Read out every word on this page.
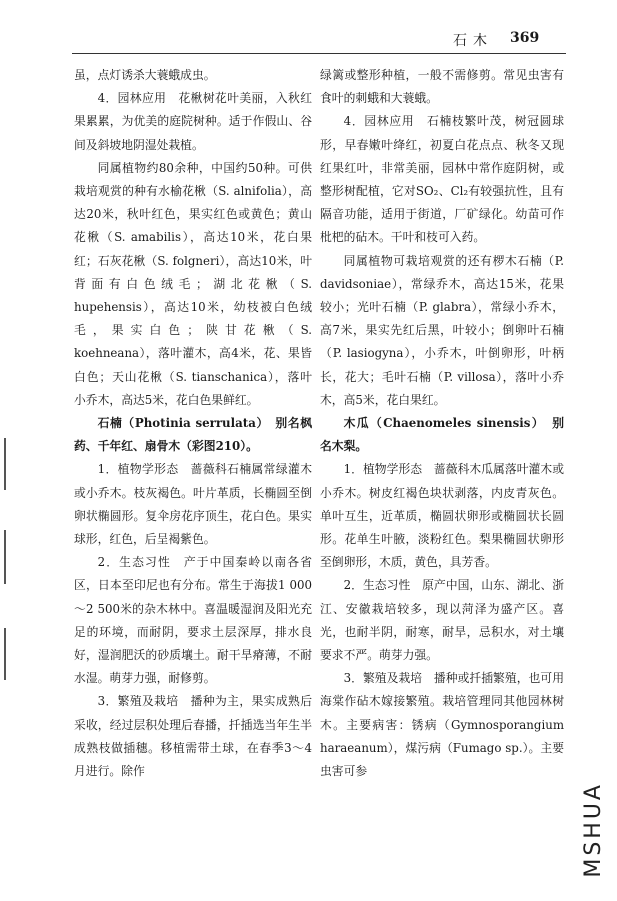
石木 369

虽，点灯诱杀大蓑蛾成虫。

4．园林应用　花楸树花叶美丽，入秋红果累累，为优美的庭院树种。适于作假山、谷间及斜坡地阴湿处栽植。

同属植物约80余种，中国约50种。可供栽培观赏的种有水榆花楸（S. alnifolia），高达20米，秋叶红色，果实红色或黄色；黄山花楸（S. amabilis），高达10米，花白果红；石灰花楸（S. folgneri），高达10米，叶背面有白色绒毛；湖北花楸（S. hupehensis），高达10米，幼枝被白色绒毛，果实白色；陕甘花楸（S. koehneana），落叶灌木，高4米，花、果皆白色；天山花楸（S. tianschanica），落叶小乔木，高达5米，花白色果鲜红。

石楠（Photinia serrulata）　别名枫药、千年红、扇骨木（彩图210）。

1．植物学形态　蔷薇科石楠属常绿灌木或小乔木。枝灰褐色。叶片革质，长椭圆至倒卵状椭圆形。复伞房花序顶生，花白色。果实球形，红色，后呈褐紫色。

2．生态习性　产于中国秦岭以南各省区，日本至印尼也有分布。常生于海拔1 000～2 500米的杂木林中。喜温暖湿润及阳光充足的环境，而耐阴，要求土层深厚，排水良好，湿润肥沃的砂质壤土。耐干旱瘠薄，不耐水湿。萌芽力强，耐修剪。

3．繁殖及栽培　播种为主，果实成熟后采收，经过层积处理后春播，扦插选当年生半成熟枝做插穗。移植需带土球，在春季3～4月进行。除作

绿篱或整形种植，一般不需修剪。常见虫害有食叶的刺蛾和大蓑蛾。

4．园林应用　石楠枝繁叶茂，树冠圆球形，早春嫩叶绛红，初夏白花点点、秋冬又现红果红叶，非常美丽，园林中常作庭阴树，或整形树配植，它对SO₂、Cl₂有较强抗性，且有隔音功能，适用于街道，厂矿绿化。幼苗可作枇杷的砧木。干叶和枝可入药。

同属植物可栽培观赏的还有椤木石楠（P. davidsoniae），常绿乔木，高达15米，花果较小；光叶石楠（P. glabra），常绿小乔木，高7米，果实先红后黑，叶较小；倒卵叶石楠（P. lasiogyna），小乔木，叶倒卵形，叶柄长，花大；毛叶石楠（P. villosa），落叶小乔木，高5米，花白果红。

木瓜（Chaenomeles sinensis）　别名木梨。

1．植物学形态　蔷薇科木瓜属落叶灌木或小乔木。树皮红褐色块状剥落，内皮青灰色。单叶互生，近革质，椭圆状卵形或椭圆状长圆形。花单生叶腋，淡粉红色。梨果椭圆状卵形至倒卵形，木质，黄色，具芳香。

2．生态习性　原产中国，山东、湖北、浙江、安徽栽培较多，现以菏泽为盛产区。喜光，也耐半阴，耐寒，耐旱，忌积水，对土壤要求不严。萌芽力强。

3．繁殖及栽培　播种或扦插繁殖，也可用海棠作砧木嫁接繁殖。栽培管理同其他园林树木。主要病害：锈病（Gymnosporangium haraeanum），煤污病（Fumago sp.）。主要虫害可参

MSHUA
